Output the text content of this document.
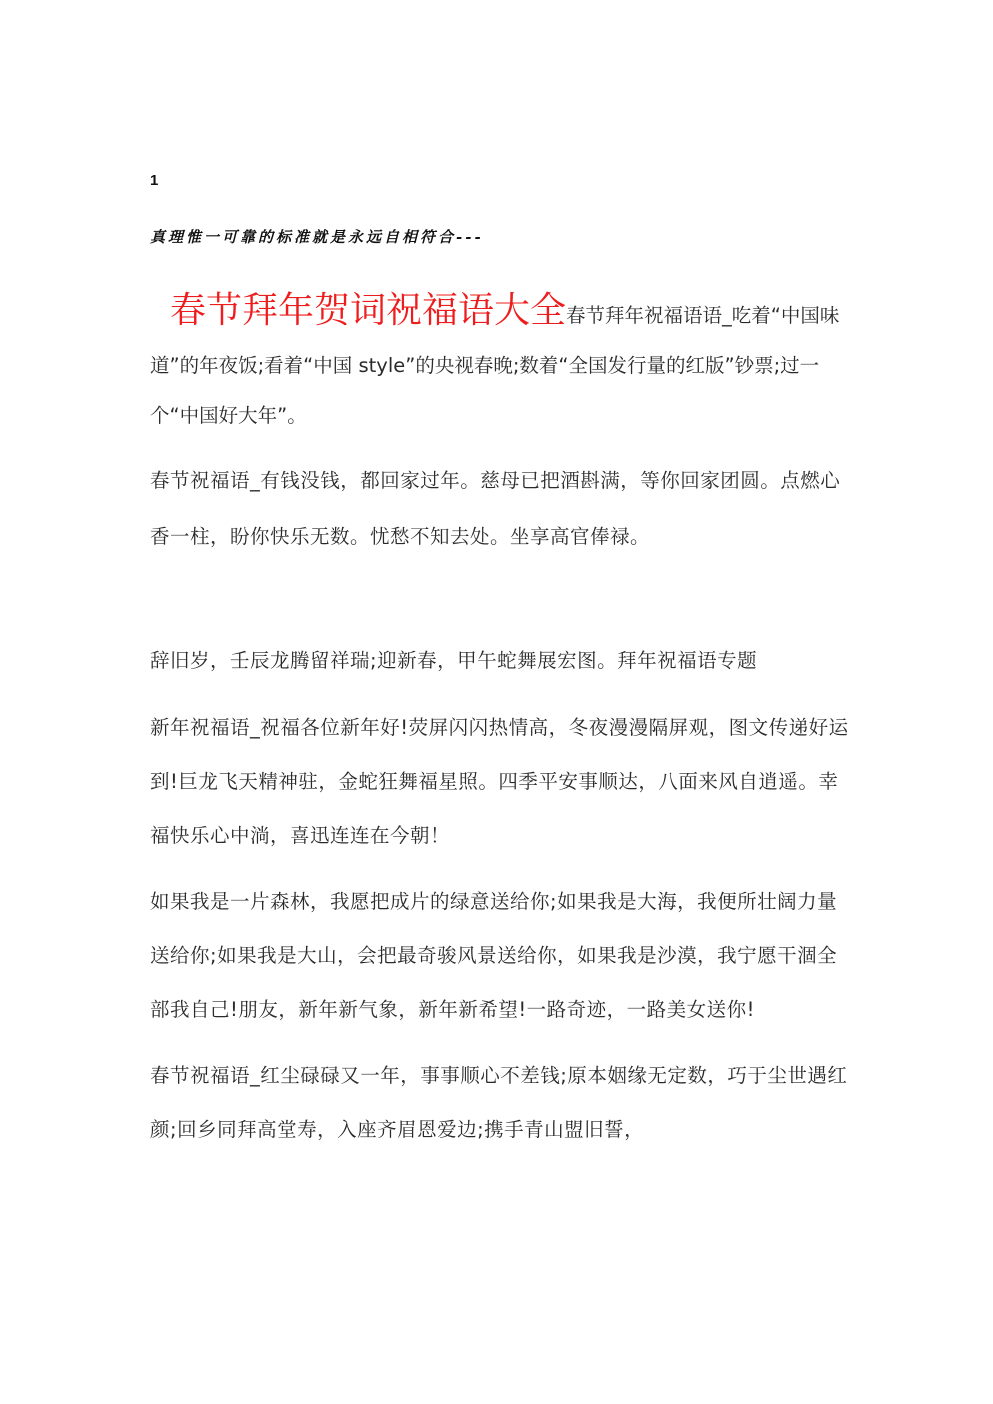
1
真理惟一可靠的标准就是永远自相符合---

春节拜年贺词祝福语大全春节拜年祝福语语_吃着“中国味道”的年夜饭;看着“中国 style”的央视春晚;数着“全国发行量的红版”钞票;过一个“中国好大年”。

春节祝福语_有钱没钱，都回家过年。慈母已把酒斟满，等你回家团圆。点燃心香一柱，盼你快乐无数。忧愁不知去处。坐享高官俸禄。

辞旧岁，壬辰龙腾留祥瑞;迎新春，甲午蛇舞展宏图。拜年祝福语专题

新年祝福语_祝福各位新年好!荧屏闪闪热情高，冬夜漫漫隔屏观，图文传递好运到!巨龙飞天精神驻，金蛇狂舞福星照。四季平安事顺达，八面来风自逍遥。幸福快乐心中淌，喜迅连连在今朝！

如果我是一片森林，我愿把成片的绿意送给你;如果我是大海，我便所壮阔力量送给你;如果我是大山，会把最奇骏风景送给你，如果我是沙漠，我宁愿干涸全部我自己!朋友，新年新气象，新年新希望!一路奇迹，一路美女送你!

春节祝福语_红尘碌碌又一年，事事顺心不差钱;原本姻缘无定数，巧于尘世遇红颜;回乡同拜高堂寿，入座齐眉恩爱边;携手青山盟旧誓，
